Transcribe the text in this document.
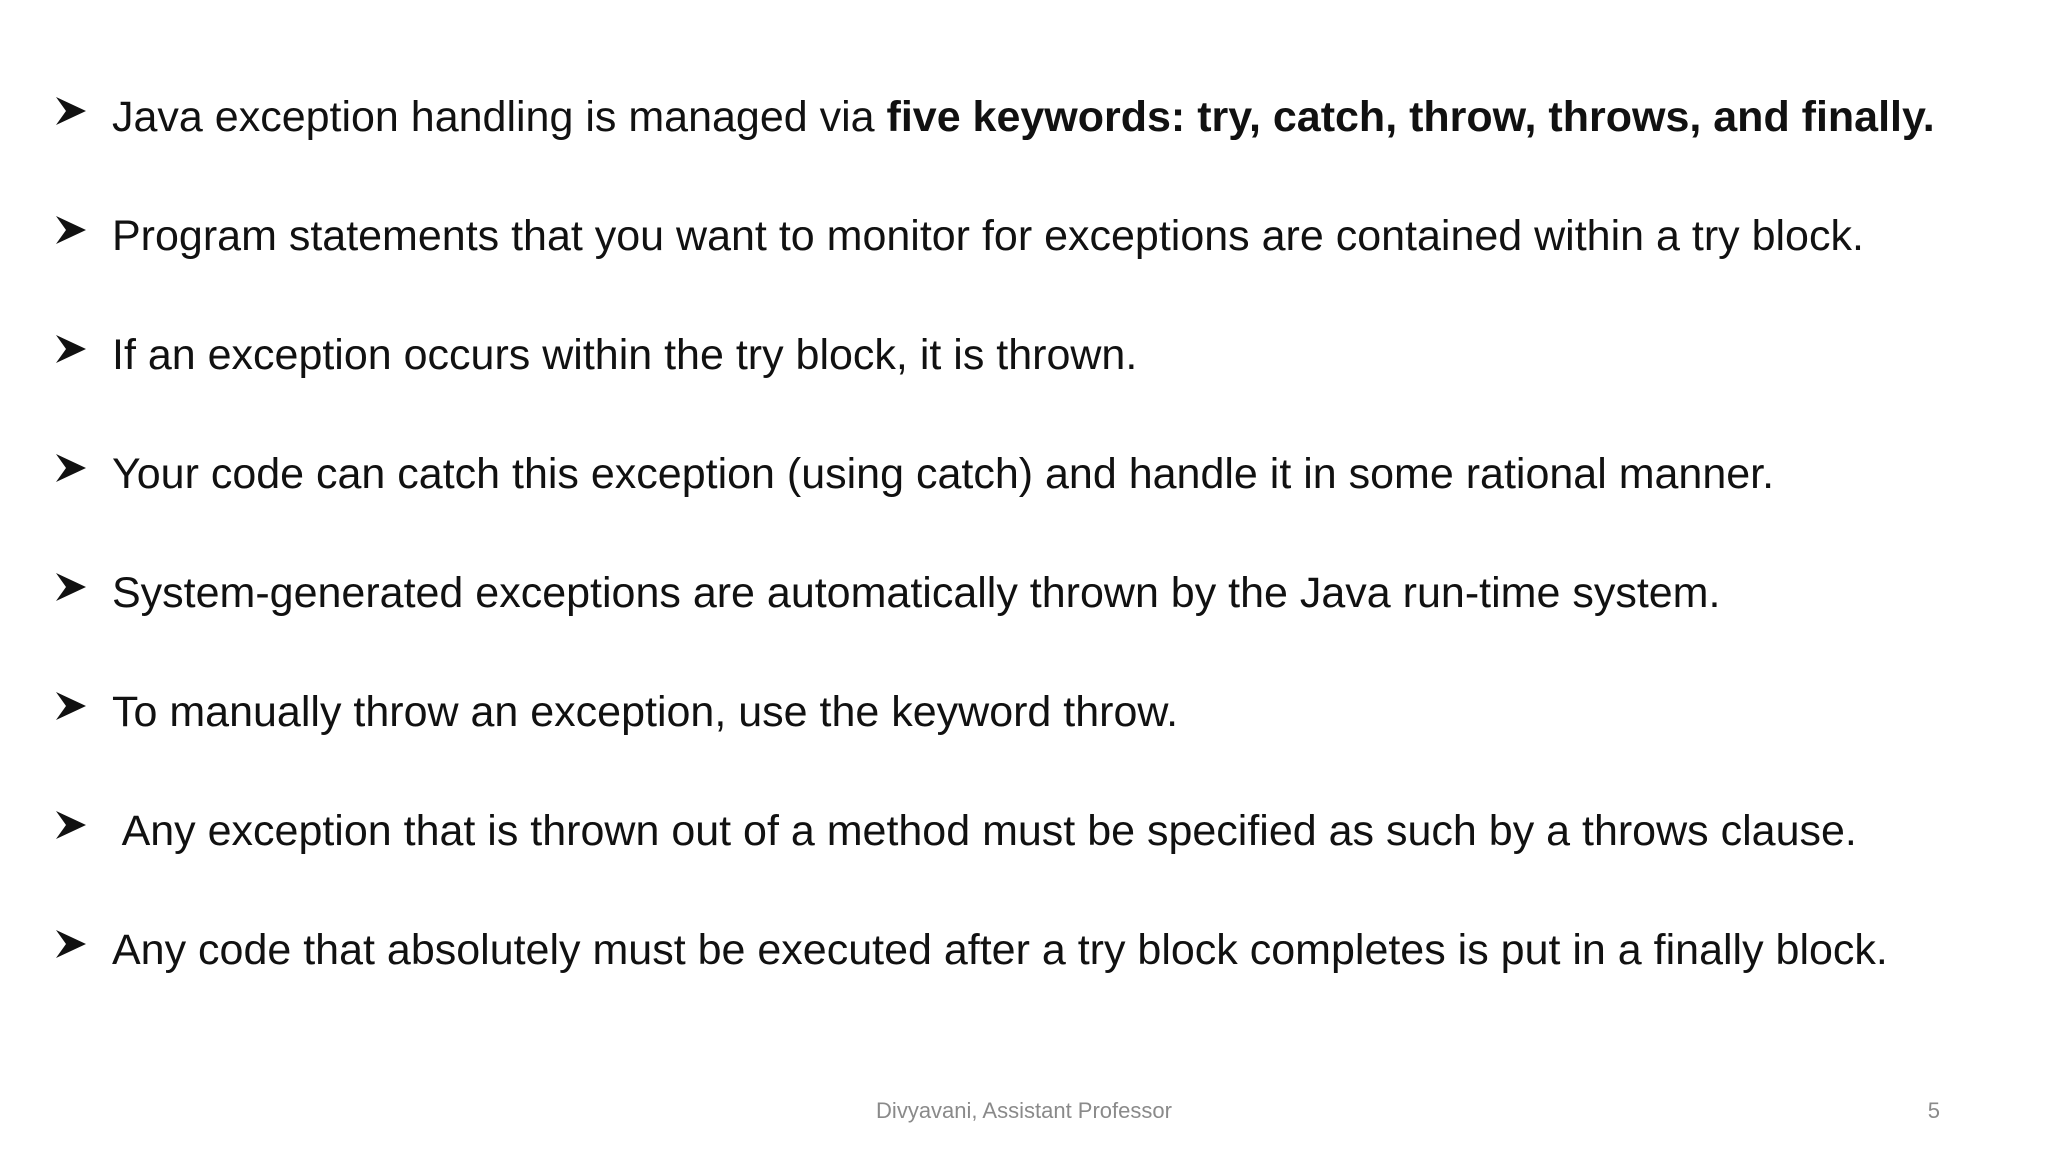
Java exception handling is managed via five keywords: try, catch, throw, throws, and finally.
Program statements that you want to monitor for exceptions are contained within a try block.
If an exception occurs within the try block, it is thrown.
Your code can catch this exception (using catch) and handle it in some rational manner.
System-generated exceptions are automatically thrown by the Java run-time system.
To manually throw an exception, use the keyword throw.
Any exception that is thrown out of a method must be specified as such by a throws clause.
Any code that absolutely must be executed after a try block completes is put in a finally block.
Divyavani, Assistant Professor	5
